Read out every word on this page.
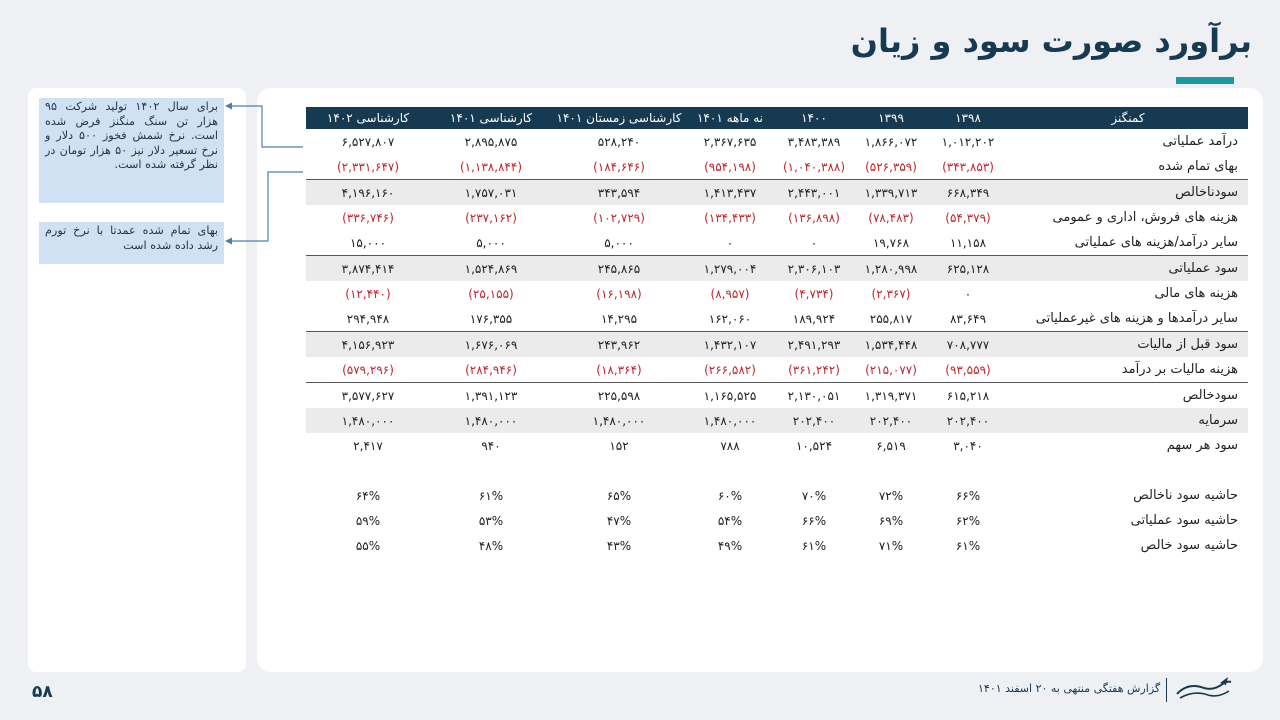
برآورد صورت سود و زیان
برای سال ۱۴۰۲ تولید شرکت ۹۵ هزار تن سنگ منگنز فرض شده است. نرخ شمش فخوز ۵۰۰ دلار و نرخ تسعیر دلار نیز ۵۰ هزار تومان در نظر گرفته شده است.
بهای تمام شده عمدتا با نرخ تورم رشد داده شده است
کمنگنز	۱۳۹۸	۱۳۹۹	۱۴۰۰	نه ماهه ۱۴۰۱	کارشناسی زمستان ۱۴۰۱	کارشناسی ۱۴۰۱	کارشناسی ۱۴۰۲
درآمد عملیاتی	۱,۰۱۲,۲۰۲	۱,۸۶۶,۰۷۲	۳,۴۸۳,۳۸۹	۲,۳۶۷,۶۳۵	۵۲۸,۲۴۰	۲,۸۹۵,۸۷۵	۶,۵۲۷,۸۰۷
بهای تمام شده	(۳۴۳,۸۵۳)	(۵۲۶,۳۵۹)	(۱,۰۴۰,۳۸۸)	(۹۵۴,۱۹۸)	(۱۸۴,۶۴۶)	(۱,۱۳۸,۸۴۴)	(۲,۳۳۱,۶۴۷)
سودناخالص	۶۶۸,۳۴۹	۱,۳۳۹,۷۱۳	۲,۴۴۳,۰۰۱	۱,۴۱۳,۴۳۷	۳۴۳,۵۹۴	۱,۷۵۷,۰۳۱	۴,۱۹۶,۱۶۰
هزینه های فروش، اداری و عمومی	(۵۴,۳۷۹)	(۷۸,۴۸۳)	(۱۳۶,۸۹۸)	(۱۳۴,۴۳۳)	(۱۰۲,۷۲۹)	(۲۳۷,۱۶۲)	(۳۳۶,۷۴۶)
سایر درآمد/هزینه های عملیاتی	۱۱,۱۵۸	۱۹,۷۶۸	۰	۰	۵,۰۰۰	۵,۰۰۰	۱۵,۰۰۰
سود عملیاتی	۶۲۵,۱۲۸	۱,۲۸۰,۹۹۸	۲,۳۰۶,۱۰۳	۱,۲۷۹,۰۰۴	۲۴۵,۸۶۵	۱,۵۲۴,۸۶۹	۳,۸۷۴,۴۱۴
هزینه های مالی	۰	(۲,۳۶۷)	(۴,۷۳۴)	(۸,۹۵۷)	(۱۶,۱۹۸)	(۲۵,۱۵۵)	(۱۲,۴۴۰)
سایر درآمدها و هزینه های غیرعملیاتی	۸۳,۶۴۹	۲۵۵,۸۱۷	۱۸۹,۹۲۴	۱۶۲,۰۶۰	۱۴,۲۹۵	۱۷۶,۳۵۵	۲۹۴,۹۴۸
سود قبل از مالیات	۷۰۸,۷۷۷	۱,۵۳۴,۴۴۸	۲,۴۹۱,۲۹۳	۱,۴۳۲,۱۰۷	۲۴۳,۹۶۲	۱,۶۷۶,۰۶۹	۴,۱۵۶,۹۲۳
هزینه مالیات بر درآمد	(۹۳,۵۵۹)	(۲۱۵,۰۷۷)	(۳۶۱,۲۴۲)	(۲۶۶,۵۸۲)	(۱۸,۳۶۴)	(۲۸۴,۹۴۶)	(۵۷۹,۲۹۶)
سودخالص	۶۱۵,۲۱۸	۱,۳۱۹,۳۷۱	۲,۱۳۰,۰۵۱	۱,۱۶۵,۵۲۵	۲۲۵,۵۹۸	۱,۳۹۱,۱۲۳	۳,۵۷۷,۶۲۷
سرمایه	۲۰۲,۴۰۰	۲۰۲,۴۰۰	۲۰۲,۴۰۰	۱,۴۸۰,۰۰۰	۱,۴۸۰,۰۰۰	۱,۴۸۰,۰۰۰	۱,۴۸۰,۰۰۰
سود هر سهم	۳,۰۴۰	۶,۵۱۹	۱۰,۵۲۴	۷۸۸	۱۵۲	۹۴۰	۲,۴۱۷

حاشیه سود ناخالص	۶۶%	۷۲%	۷۰%	۶۰%	۶۵%	۶۱%	۶۴%
حاشیه سود عملیاتی	۶۲%	۶۹%	۶۶%	۵۴%	۴۷%	۵۳%	۵۹%
حاشیه سود خالص	۶۱%	۷۱%	۶۱%	۴۹%	۴۳%	۴۸%	۵۵%
۵۸	گزارش هفتگی منتهی به ۲۰ اسفند ۱۴۰۱
